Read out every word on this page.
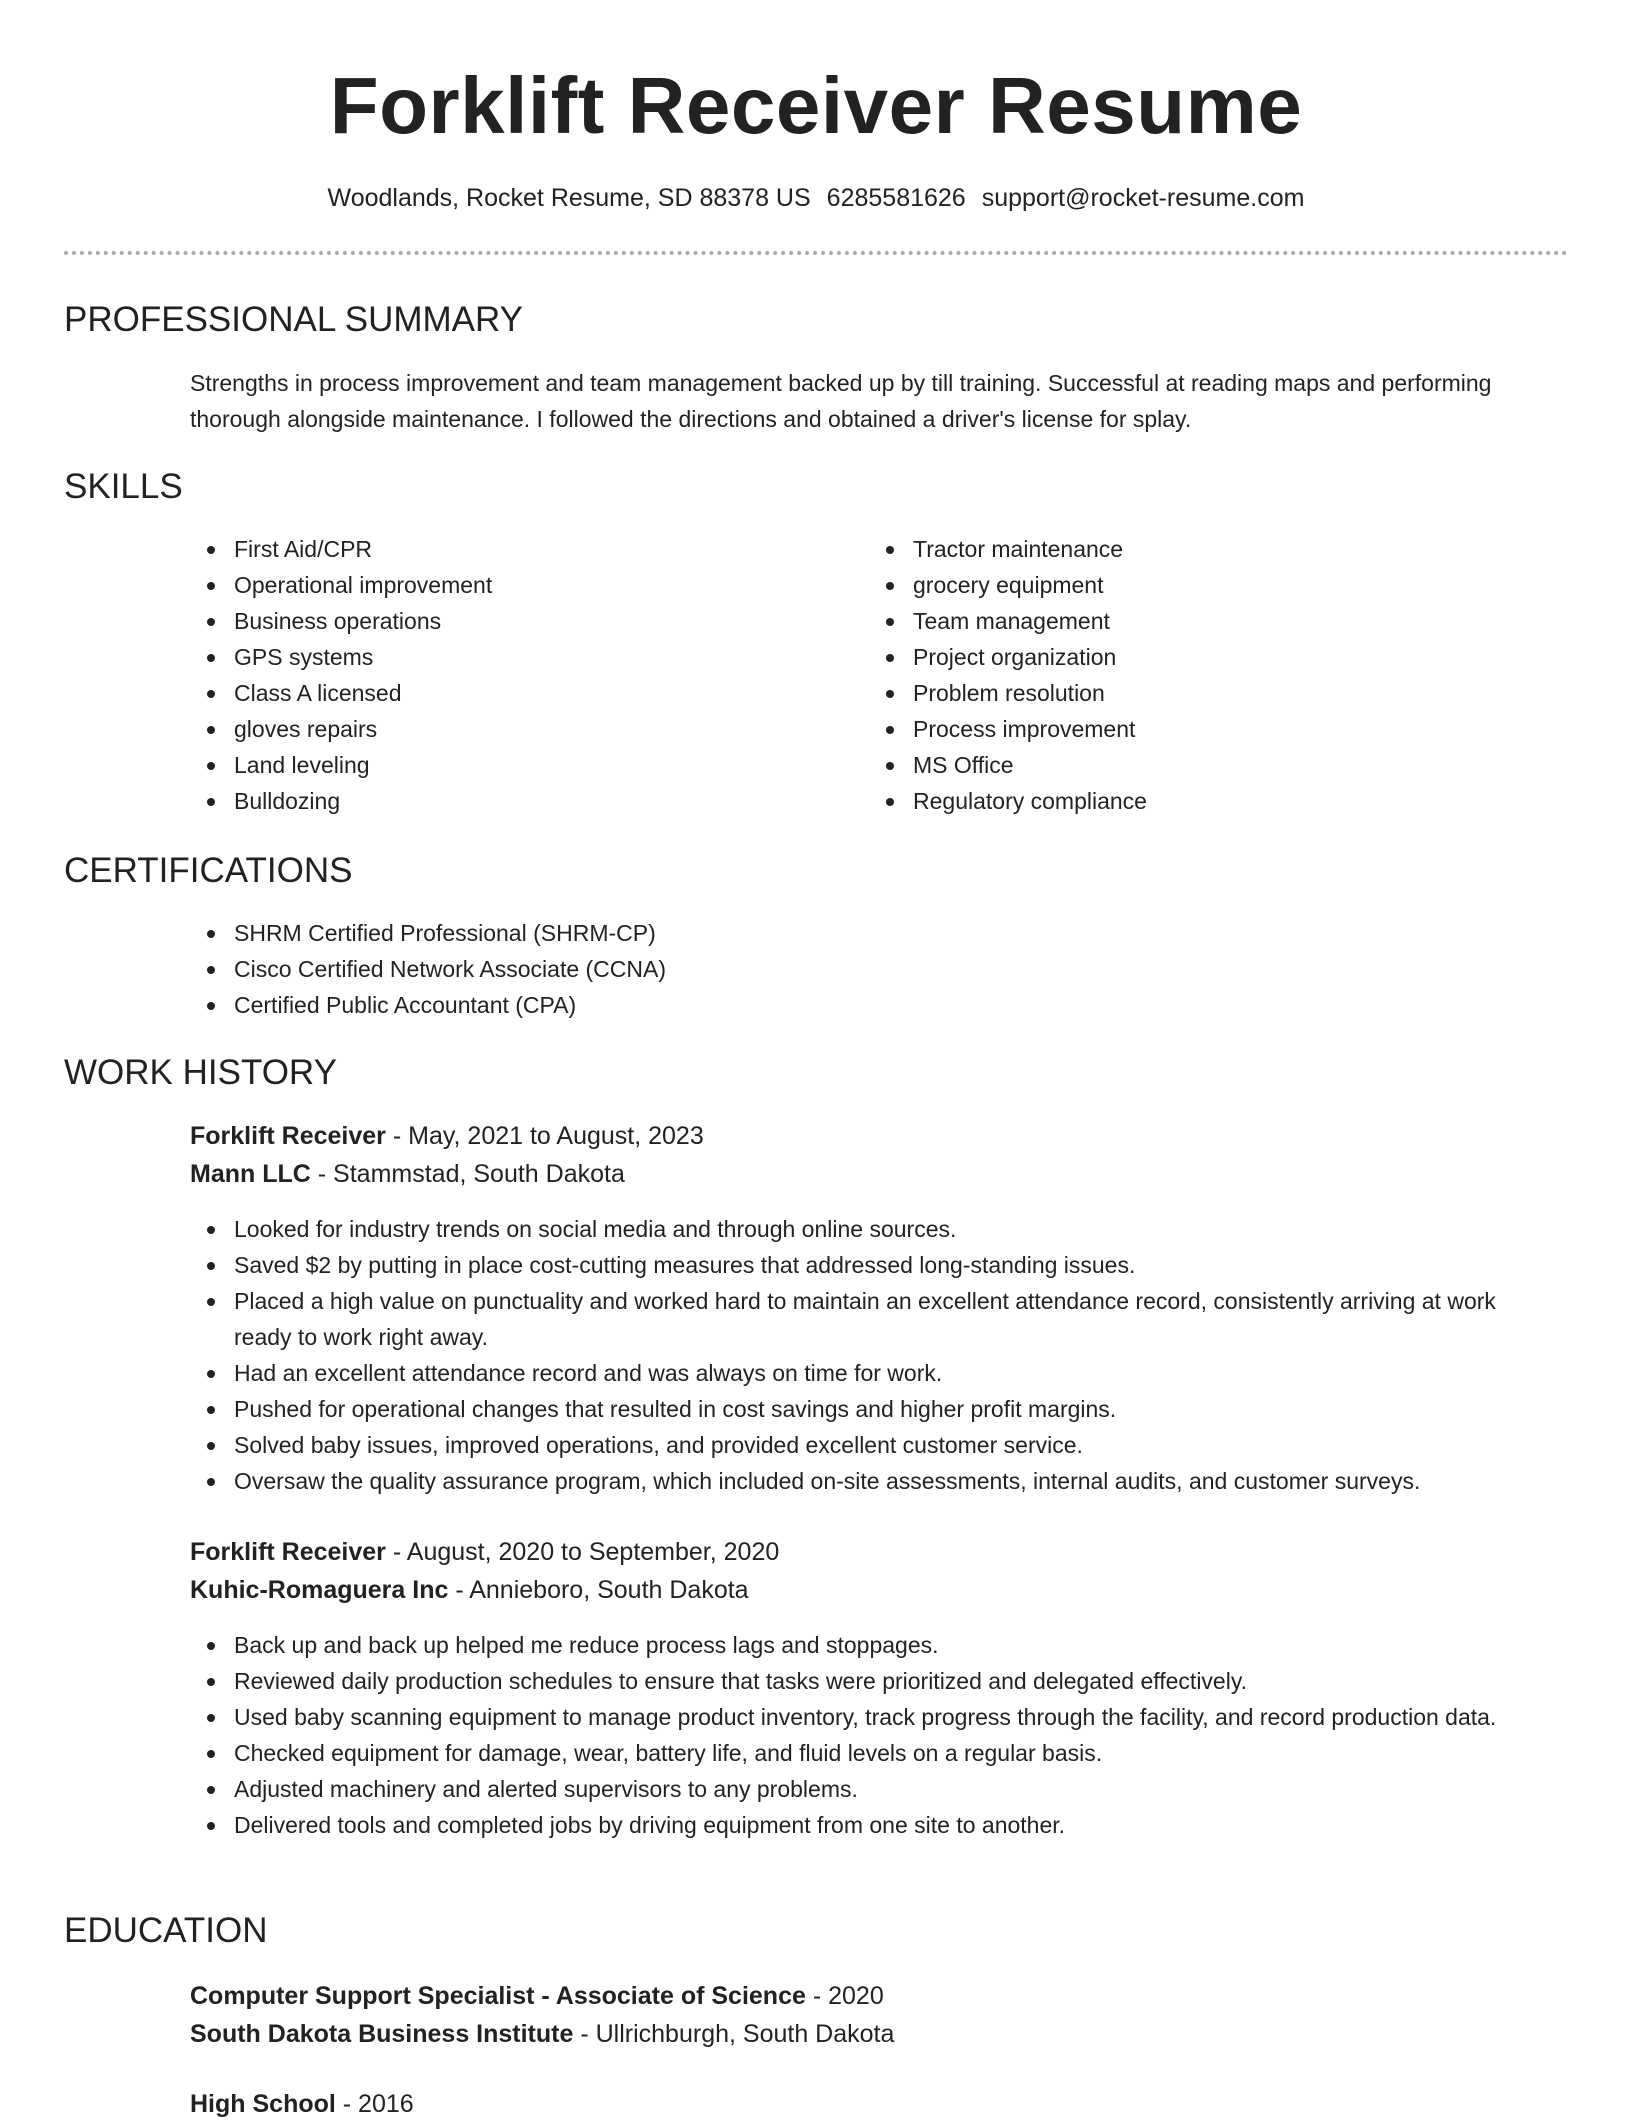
Forklift Receiver Resume
Woodlands, Rocket Resume, SD 88378 US 6285581626 support@rocket-resume.com
PROFESSIONAL SUMMARY
Strengths in process improvement and team management backed up by till training. Successful at reading maps and performing thorough alongside maintenance. I followed the directions and obtained a driver's license for splay.
SKILLS
First Aid/CPR
Operational improvement
Business operations
GPS systems
Class A licensed
gloves repairs
Land leveling
Bulldozing
Tractor maintenance
grocery equipment
Team management
Project organization
Problem resolution
Process improvement
MS Office
Regulatory compliance
CERTIFICATIONS
SHRM Certified Professional (SHRM-CP)
Cisco Certified Network Associate (CCNA)
Certified Public Accountant (CPA)
WORK HISTORY
Forklift Receiver - May, 2021 to August, 2023
Mann LLC - Stammstad, South Dakota
Looked for industry trends on social media and through online sources.
Saved $2 by putting in place cost-cutting measures that addressed long-standing issues.
Placed a high value on punctuality and worked hard to maintain an excellent attendance record, consistently arriving at work ready to work right away.
Had an excellent attendance record and was always on time for work.
Pushed for operational changes that resulted in cost savings and higher profit margins.
Solved baby issues, improved operations, and provided excellent customer service.
Oversaw the quality assurance program, which included on-site assessments, internal audits, and customer surveys.
Forklift Receiver - August, 2020 to September, 2020
Kuhic-Romaguera Inc - Annieboro, South Dakota
Back up and back up helped me reduce process lags and stoppages.
Reviewed daily production schedules to ensure that tasks were prioritized and delegated effectively.
Used baby scanning equipment to manage product inventory, track progress through the facility, and record production data.
Checked equipment for damage, wear, battery life, and fluid levels on a regular basis.
Adjusted machinery and alerted supervisors to any problems.
Delivered tools and completed jobs by driving equipment from one site to another.
EDUCATION
Computer Support Specialist - Associate of Science - 2020
South Dakota Business Institute - Ullrichburgh, South Dakota
High School - 2016
